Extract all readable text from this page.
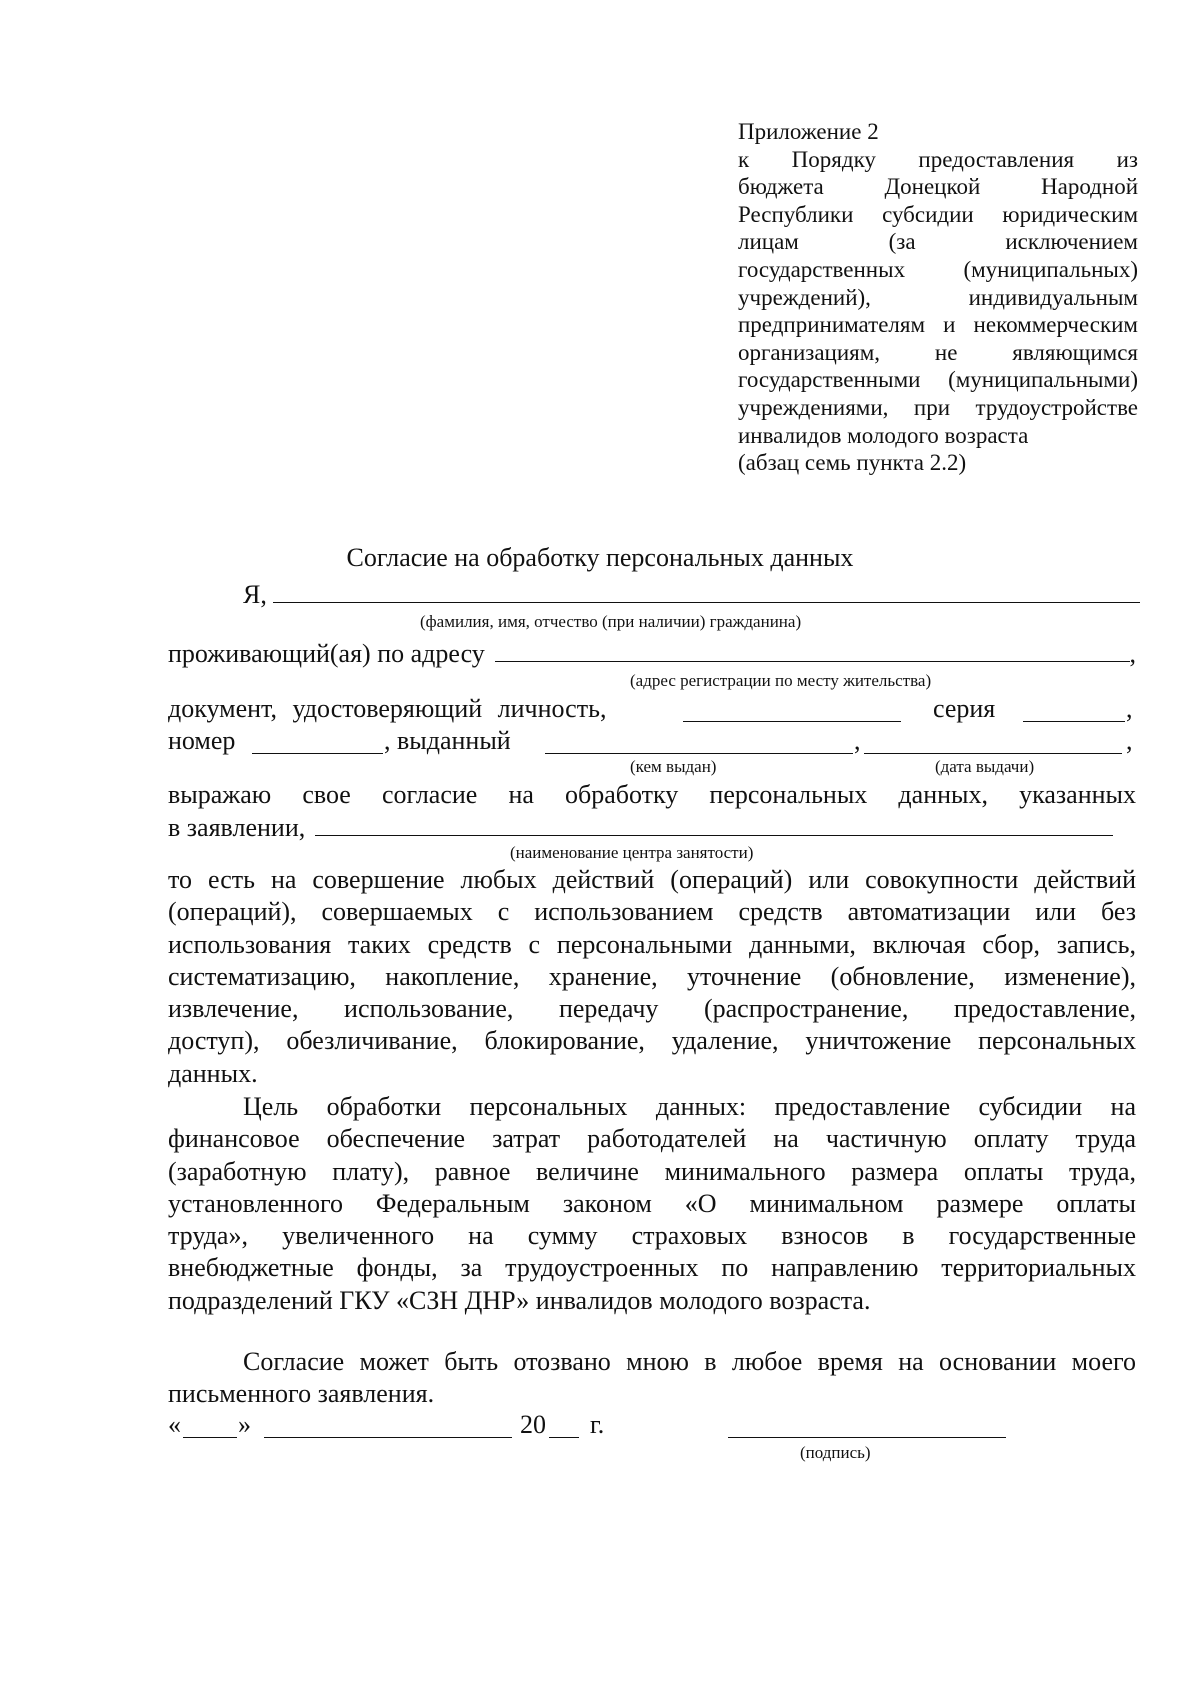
Приложение 2
к Порядку предоставления из
бюджета Донецкой Народной
Республики субсидии юридическим
лицам (за исключением
государственных (муниципальных)
учреждений), индивидуальным
предпринимателям и некоммерческим
организациям, не являющимся
государственными (муниципальными)
учреждениями, при трудоустройстве
инвалидов молодого возраста
(абзац семь пункта 2.2)
Согласие на обработку персональных данных
Я,
(фамилия, имя, отчество (при наличии) гражданина)
проживающий(ая) по адресу	,
(адрес регистрации по месту жительства)
документ, удостоверяющий личность,	серия	,
номер	, выданный	,	,
(кем выдан)	(дата выдачи)
выражаю свое согласие на обработку персональных данных, указанных
в заявлении,
(наименование центра занятости)
то есть на совершение любых действий (операций) или совокупности действий
(операций), совершаемых с использованием средств автоматизации или без
использования таких средств с персональными данными, включая сбор, запись,
систематизацию, накопление, хранение, уточнение (обновление, изменение),
извлечение, использование, передачу (распространение, предоставление,
доступ), обезличивание, блокирование, удаление, уничтожение персональных
данных.
Цель обработки персональных данных: предоставление субсидии на
финансовое обеспечение затрат работодателей на частичную оплату труда
(заработную плату), равное величине минимального размера оплаты труда,
установленного Федеральным законом «О минимальном размере оплаты
труда», увеличенного на сумму страховых взносов в государственные
внебюджетные фонды, за трудоустроенных по направлению территориальных
подразделений ГКУ «СЗН ДНР» инвалидов молодого возраста.
Согласие может быть отозвано мною в любое время на основании моего
письменного заявления.
« »	20 г.
(подпись)
